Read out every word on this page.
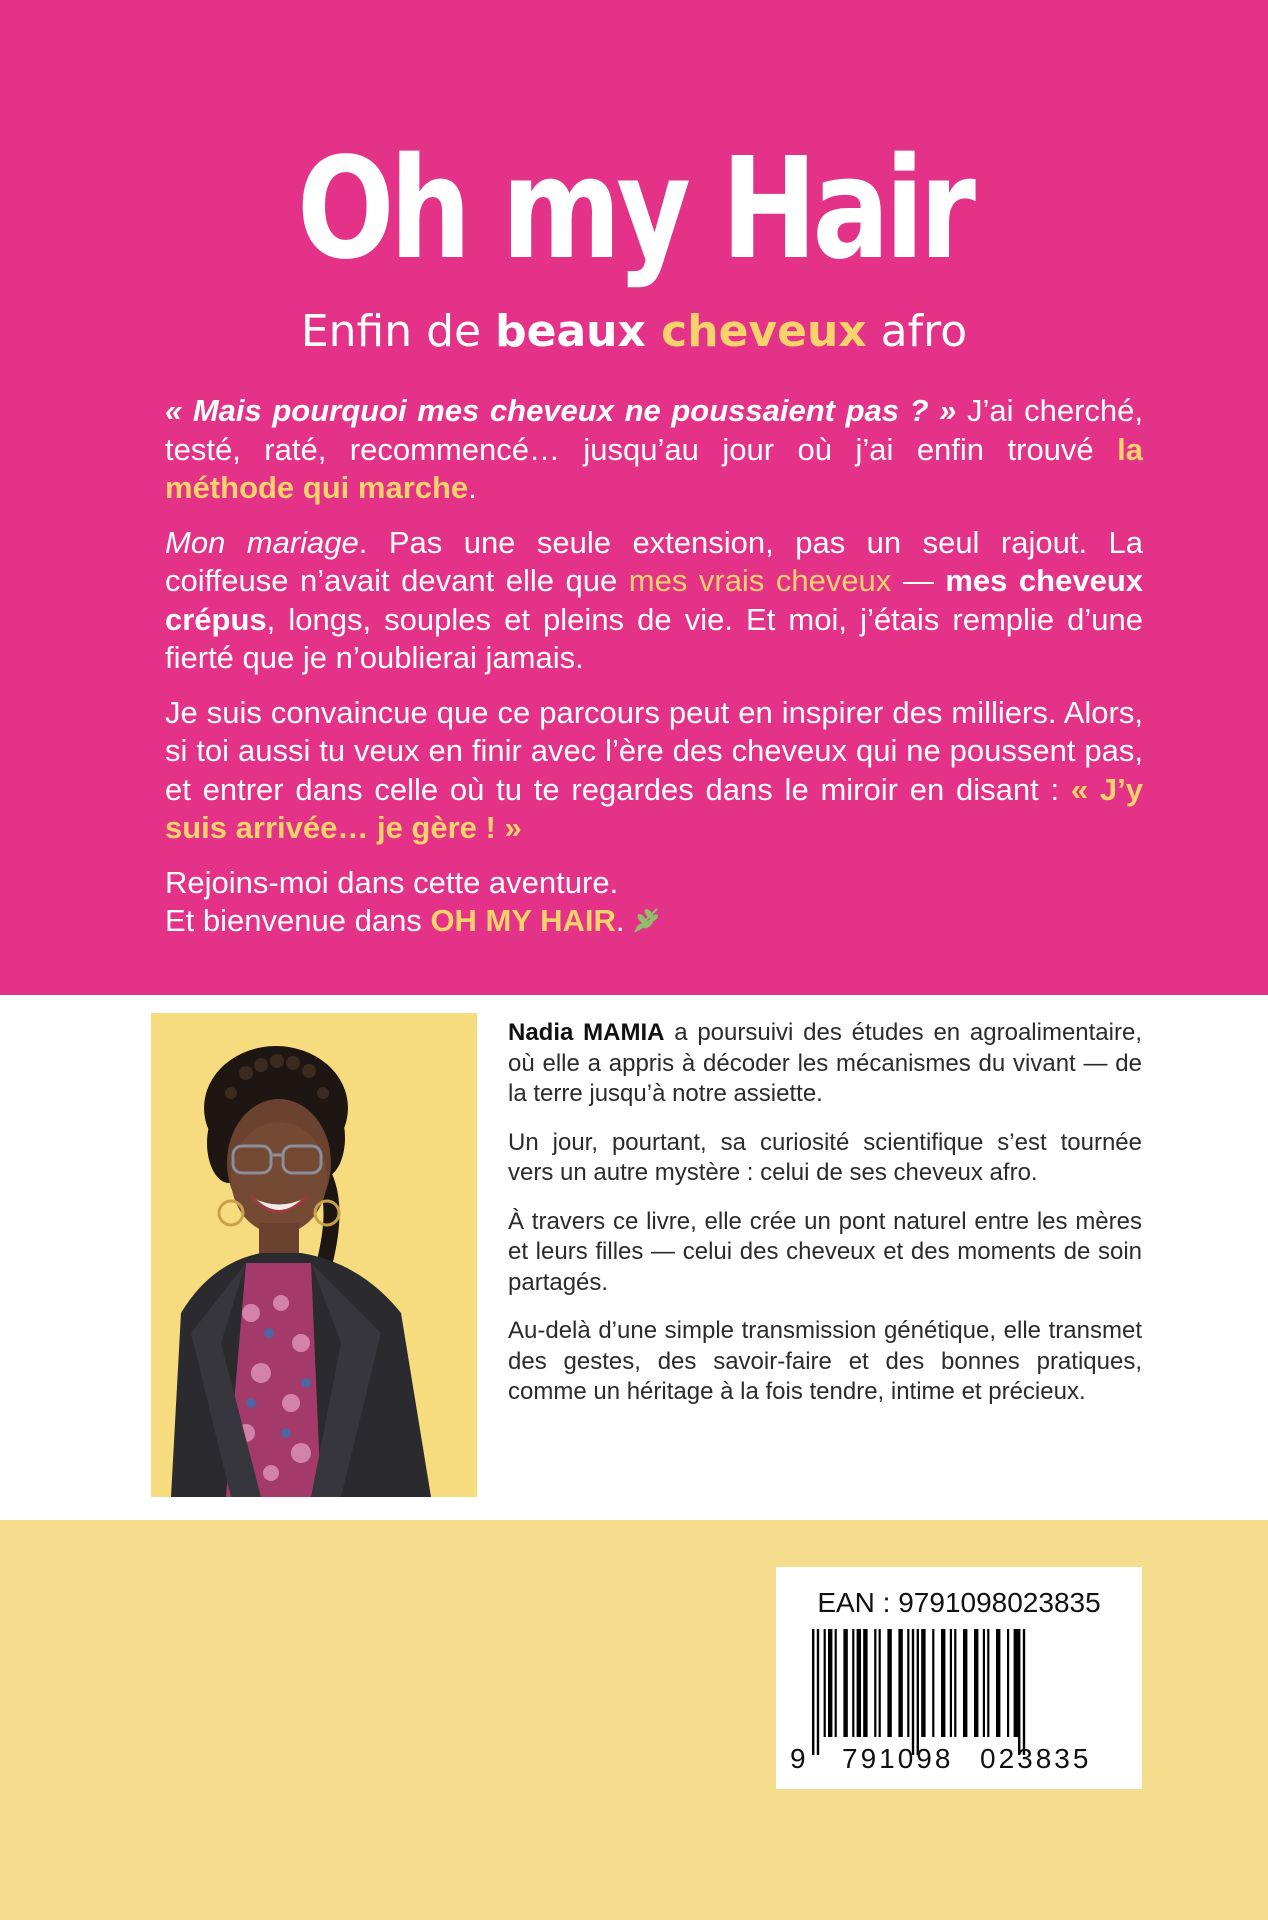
Oh my Hair
Enfin de beaux cheveux afro

« Mais pourquoi mes cheveux ne poussaient pas ? » J’ai cherché, testé, raté, recommencé… jusqu’au jour où j’ai enfin trouvé la méthode qui marche.

Mon mariage. Pas une seule extension, pas un seul rajout. La coiffeuse n’avait devant elle que mes vrais cheveux — mes cheveux crépus, longs, souples et pleins de vie. Et moi, j’étais remplie d’une fierté que je n’oublierai jamais.

Je suis convaincue que ce parcours peut en inspirer des milliers. Alors, si toi aussi tu veux en finir avec l’ère des cheveux qui ne poussent pas, et entrer dans celle où tu te regardes dans le miroir en disant : « J’y suis arrivée… je gère ! »

Rejoins-moi dans cette aventure.
Et bienvenue dans OH MY HAIR.

Nadia MAMIA a poursuivi des études en agroalimentaire, où elle a appris à décoder les mécanismes du vivant — de la terre jusqu’à notre assiette.

Un jour, pourtant, sa curiosité scientifique s’est tournée vers un autre mystère : celui de ses cheveux afro.

À travers ce livre, elle crée un pont naturel entre les mères et leurs filles — celui des cheveux et des moments de soin partagés.

Au-delà d’une simple transmission génétique, elle transmet des gestes, des savoir-faire et des bonnes pratiques, comme un héritage à la fois tendre, intime et précieux.

EAN : 9791098023835
9 791098 023835
